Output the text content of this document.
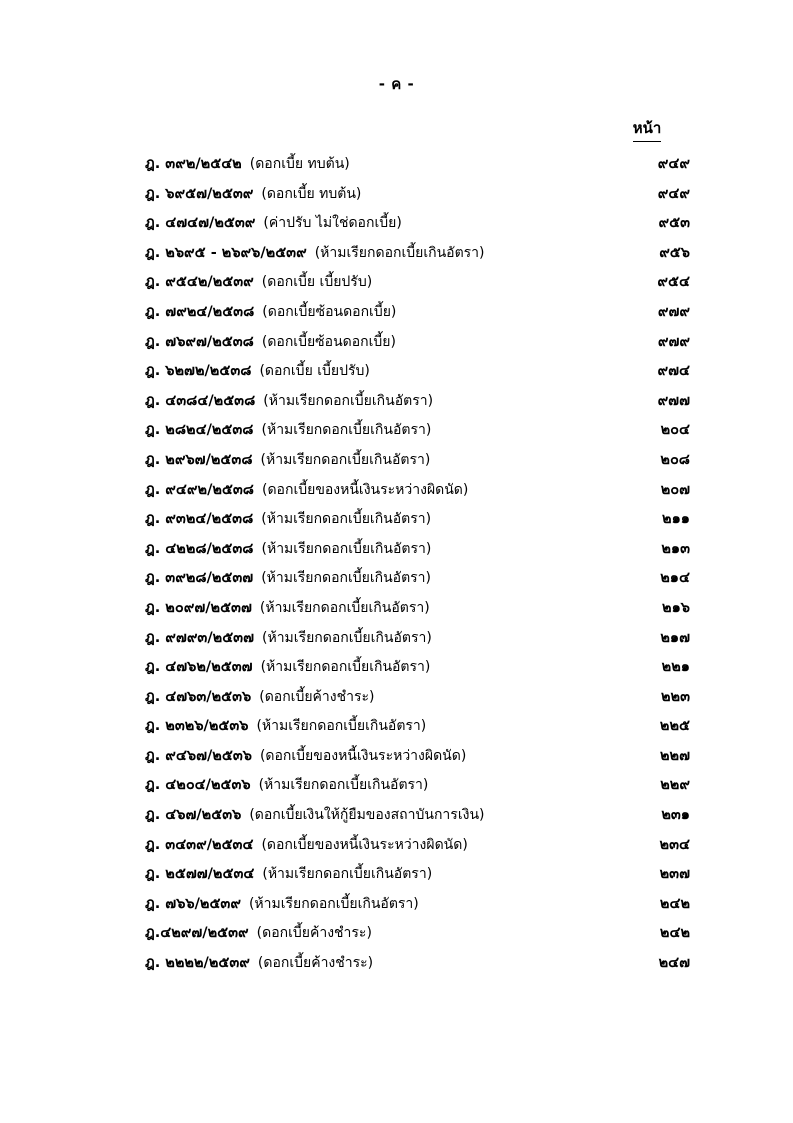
- ค -
หน้า
ฎ. ๓๙๒/๒๕๔๒ (ดอกเบี้ย ทบต้น)	๙๔๙
ฎ. ๖๙๕๗/๒๕๓๙ (ดอกเบี้ย ทบต้น)	๙๔๙
ฎ. ๔๗๔๗/๒๕๓๙ (ค่าปรับ ไม่ใช่ดอกเบี้ย)	๙๕๓
ฎ. ๒๖๙๕ - ๒๖๙๖/๒๕๓๙ (ห้ามเรียกดอกเบี้ยเกินอัตรา)	๙๕๖
ฎ. ๙๕๔๒/๒๕๓๙ (ดอกเบี้ย เบี้ยปรับ)	๙๕๔
ฎ. ๗๙๒๔/๒๕๓๘ (ดอกเบี้ยซ้อนดอกเบี้ย)	๙๗๙
ฎ. ๗๖๙๗/๒๕๓๘ (ดอกเบี้ยซ้อนดอกเบี้ย)	๙๗๙
ฎ. ๖๒๗๒/๒๕๓๘ (ดอกเบี้ย เบี้ยปรับ)	๙๗๔
ฎ. ๔๓๘๔/๒๕๓๘ (ห้ามเรียกดอกเบี้ยเกินอัตรา)	๙๗๗
ฎ. ๒๘๒๔/๒๕๓๘ (ห้ามเรียกดอกเบี้ยเกินอัตรา)	๒๐๔
ฎ. ๒๙๖๗/๒๕๓๘ (ห้ามเรียกดอกเบี้ยเกินอัตรา)	๒๐๘
ฎ. ๙๔๙๒/๒๕๓๘ (ดอกเบี้ยของหนี้เงินระหว่างผิดนัด)	๒๐๗
ฎ. ๙๓๒๔/๒๕๓๘ (ห้ามเรียกดอกเบี้ยเกินอัตรา)	๒๑๑
ฎ. ๔๒๒๘/๒๕๓๘ (ห้ามเรียกดอกเบี้ยเกินอัตรา)	๒๑๓
ฎ. ๓๙๒๘/๒๕๓๗ (ห้ามเรียกดอกเบี้ยเกินอัตรา)	๒๑๔
ฎ. ๒๐๙๗/๒๕๓๗ (ห้ามเรียกดอกเบี้ยเกินอัตรา)	๒๑๖
ฎ. ๙๗๙๓/๒๕๓๗ (ห้ามเรียกดอกเบี้ยเกินอัตรา)	๒๑๗
ฎ. ๔๗๖๒/๒๕๓๗ (ห้ามเรียกดอกเบี้ยเกินอัตรา)	๒๒๑
ฎ. ๔๗๖๓/๒๕๓๖ (ดอกเบี้ยค้างชำระ)	๒๒๓
ฎ. ๒๓๒๖/๒๕๓๖ (ห้ามเรียกดอกเบี้ยเกินอัตรา)	๒๒๕
ฎ. ๙๔๖๗/๒๕๓๖ (ดอกเบี้ยของหนี้เงินระหว่างผิดนัด)	๒๒๗
ฎ. ๔๒๐๔/๒๕๓๖ (ห้ามเรียกดอกเบี้ยเกินอัตรา)	๒๒๙
ฎ. ๔๖๗/๒๕๓๖ (ดอกเบี้ยเงินให้กู้ยืมของสถาบันการเงิน)	๒๓๑
ฎ. ๓๔๓๙/๒๕๓๔ (ดอกเบี้ยของหนี้เงินระหว่างผิดนัด)	๒๓๔
ฎ. ๒๕๗๗/๒๕๓๔ (ห้ามเรียกดอกเบี้ยเกินอัตรา)	๒๓๗
ฎ. ๗๖๖/๒๕๓๙ (ห้ามเรียกดอกเบี้ยเกินอัตรา)	๒๔๒
ฎ.๔๒๙๗/๒๕๓๙ (ดอกเบี้ยค้างชำระ)	๒๔๒
ฎ. ๒๒๒๒/๒๕๓๙ (ดอกเบี้ยค้างชำระ)	๒๔๗
